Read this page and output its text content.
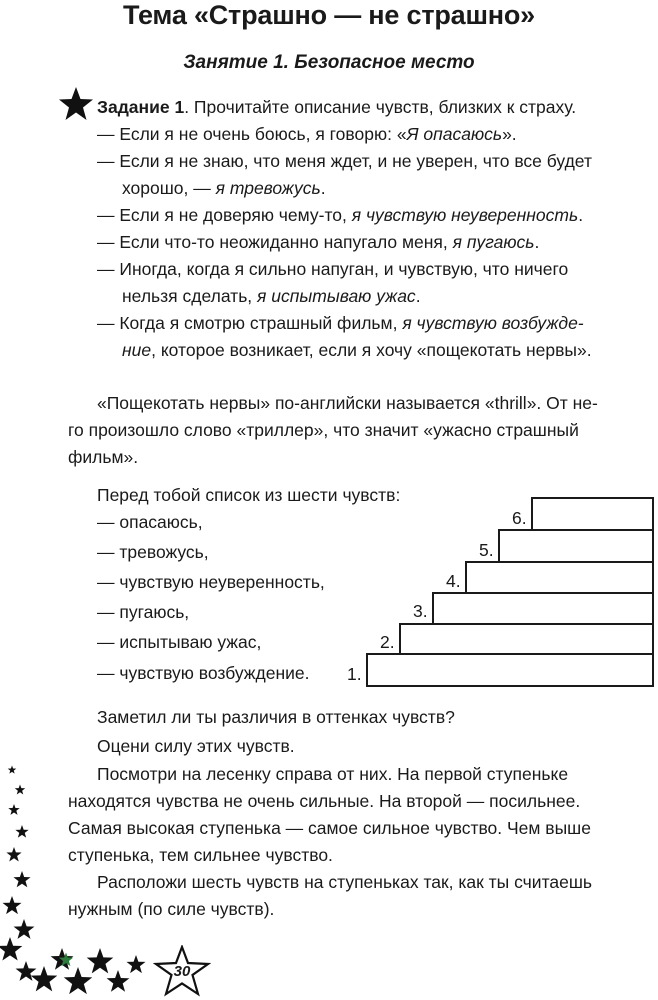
Тема «Страшно — не страшно»
Занятие 1. Безопасное место
Задание 1. Прочитайте описание чувств, близких к страху.
— Если я не очень боюсь, я говорю: «Я опасаюсь».
— Если я не знаю, что меня ждет, и не уверен, что все будет
хорошо, — я тревожусь.
— Если я не доверяю чему-то, я чувствую неуверенность.
— Если что-то неожиданно напугало меня, я пугаюсь.
— Иногда, когда я сильно напуган, и чувствую, что ничего
нельзя сделать, я испытываю ужас.
— Когда я смотрю страшный фильм, я чувствую возбужде-
ние, которое возникает, если я хочу «пощекотать нервы».
«Пощекотать нервы» по-английски называется «thrill». От не-
го произошло слово «триллер», что значит «ужасно страшный
фильм».
Перед тобой список из шести чувств:
— опасаюсь,
— тревожусь,
— чувствую неуверенность,
— пугаюсь,
— испытываю ужас,
— чувствую возбуждение.
6.
5.
4.
3.
2.
1.
Заметил ли ты различия в оттенках чувств?
Оцени силу этих чувств.
Посмотри на лесенку справа от них. На первой ступеньке
находятся чувства не очень сильные. На второй — посильнее.
Самая высокая ступенька — самое сильное чувство. Чем выше
ступенька, тем сильнее чувство.
Расположи шесть чувств на ступеньках так, как ты считаешь
нужным (по силе чувств).
30
